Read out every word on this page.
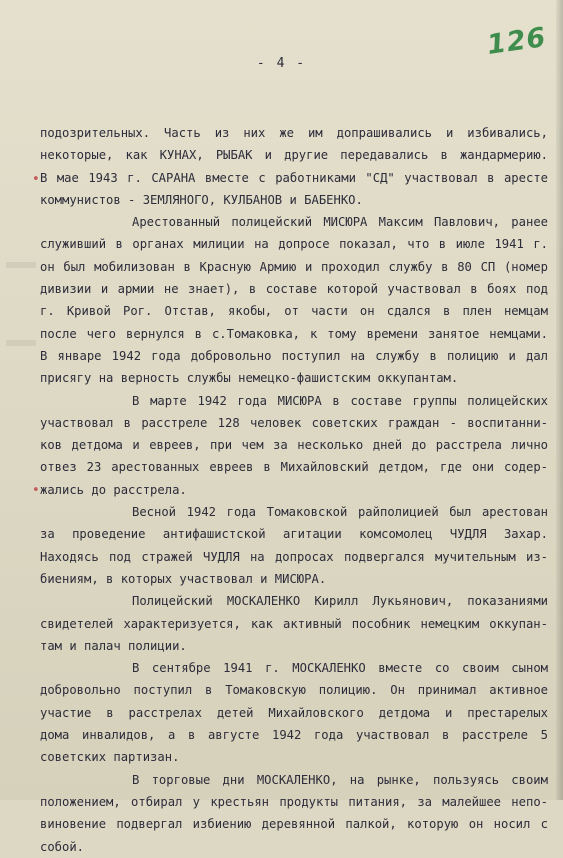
126
- 4 -
•
•
подозрительных. Часть из них же им допрашивались и избивались,
некоторые, как КУНАХ, РЫБАК и другие передавались в жандармерию.
В мае 1943 г. САРАНА вместе с работниками "СД" участвовал в аресте
коммунистов - ЗЕМЛЯНОГО, КУЛБАНОВ и БАБЕНКО.
Арестованный полицейский МИСЮРА Максим Павлович, ранее
служивший в органах милиции на допросе показал, что в июле 1941 г.
он был мобилизован в Красную Армию и проходил службу в 80 СП (номер
дивизии и армии не знает), в составе которой участвовал в боях под
г. Кривой Рог. Отстав, якобы, от части он сдался в плен немцам
после чего вернулся в с.Томаковка, к тому времени занятое немцами.
В январе 1942 года добровольно поступил на службу в полицию и дал
присягу на верность службы немецко-фашистским оккупантам.
В марте 1942 года МИСЮРА в составе группы полицейских
участвовал в расстреле 128 человек советских граждан - воспитанни-
ков детдома и евреев, при чем за несколько дней до расстрела лично
отвез 23 арестованных евреев в Михайловский детдом, где они содер-
жались до расстрела.
Весной 1942 года Томаковской райполицией был арестован
за проведение антифашистской агитации комсомолец ЧУДЛЯ Захар.
Находясь под стражей ЧУДЛЯ на допросах подвергался мучительным из-
биениям, в которых участвовал и МИСЮРА.
Полицейский МОСКАЛЕНКО Кирилл Лукьянович, показаниями
свидетелей характеризуется, как активный пособник немецким оккупан-
там и палач полиции.
В сентябре 1941 г. МОСКАЛЕНКО вместе со своим сыном
добровольно поступил в Томаковскую полицию. Он принимал активное
участие в расстрелах детей Михайловского детдома и престарелых
дома инвалидов, а в августе 1942 года участвовал в расстреле 5
советских партизан.
В торговые дни МОСКАЛЕНКО, на рынке, пользуясь своим
положением, отбирал у крестьян продукты питания, за малейшее непо-
виновение подвергал избиению деревянной палкой, которую он носил с
собой.
